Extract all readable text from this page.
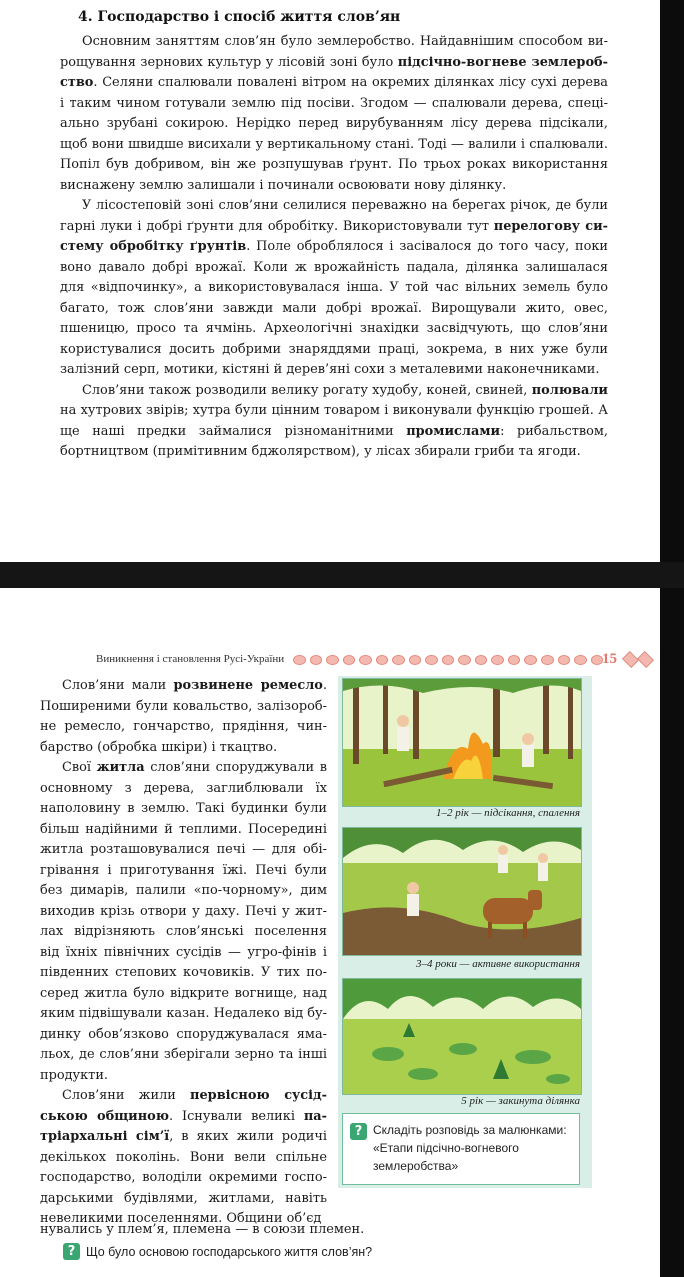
4. Господарство і спосіб життя слов’ян

Основним заняттям слов’ян було землеробство. Найдавнішим способом вирощування зернових культур у лісовій зоні було підсічно-вогневе землеробство. Селяни спалювали повалені вітром на окремих ділянках лісу сухі дерева і таким чином готували землю під посіви. Згодом — спалювали дерева, спеціально зрубані сокирою. Нерідко перед вирубуванням лісу дерева підсікали, щоб вони швидше висихали у вертикальному стані. Тоді — валили і спалювали. Попіл був добривом, він же розпушував ґрунт. По трьох роках використання виснажену землю залишали і починали освоювати нову ділянку.

У лісостеповій зоні слов’яни селилися переважно на берегах річок, де були гарні луки і добрі ґрунти для обробітку. Використовували тут перелогову систему обробітку ґрунтів. Поле оброблялося і засівалося до того часу, поки воно давало добрі врожаї. Коли ж врожайність падала, ділянка залишалася для «відпочинку», а використовувалася інша. У той час вільних земель було багато, тож слов’яни завжди мали добрі врожаї. Вирощували жито, овес, пшеницю, просо та ячмінь. Археологічні знахідки засвідчують, що слов’яни користувалися досить добрими знаряддями праці, зокрема, в них уже були залізний серп, мотики, кістяні й дерев’яні сохи з металевими наконечниками.

Слов’яни також розводили велику рогату худобу, коней, свиней, полювали на хутрових звірів; хутра були цінним товаром і виконували функцію грошей. А ще наші предки займалися різноманітними промислами: рибальством, бортництвом (примітивним бджолярством), у лісах збирали гриби та ягоди.

Виникнення і становлення Русі-України	15

Слов’яни мали розвинене ремесло. Поширеними були ковальство, залізоробне ремесло, гончарство, прядіння, чинбарство (обробка шкіри) і ткацтво.

Свої житла слов’яни споруджували в основному з дерева, заглиблювали їх наполовину в землю. Такі будинки були більш надійними й теплими. Посередині житла розташовувалися печі — для обігрівання і приготування їжі. Печі були без димарів, палили «по-чорному», дим виходив крізь отвори у даху. Печі у житлах відрізняють слов’янські поселення від їхніх північних сусідів — угро-фінів і південних степових кочовиків. У тих посеред житла було відкрите вогнище, над яким підвішували казан. Недалеко від будинку обов’язково споруджувалася ямальох, де слов’яни зберігали зерно та інші продукти.

Слов’яни жили первісною сусідською общиною. Існували великі патріархальні сім’ї, в яких жили родичі декількох поколінь. Вони вели спільне господарство, володіли окремими господарськими будівлями, житлами, навіть невеликими поселеннями. Общини об’єд

нувались у плем’я, племена — в союзи племен.
1–2 рік — підсікання, спалення
3–4 роки — активне використання
5 рік — закинута ділянка
? Складіть розповідь за малюнками: «Етапи підсічно-вогневого землеробства»
? Що було основою господарського життя слов’ян?
